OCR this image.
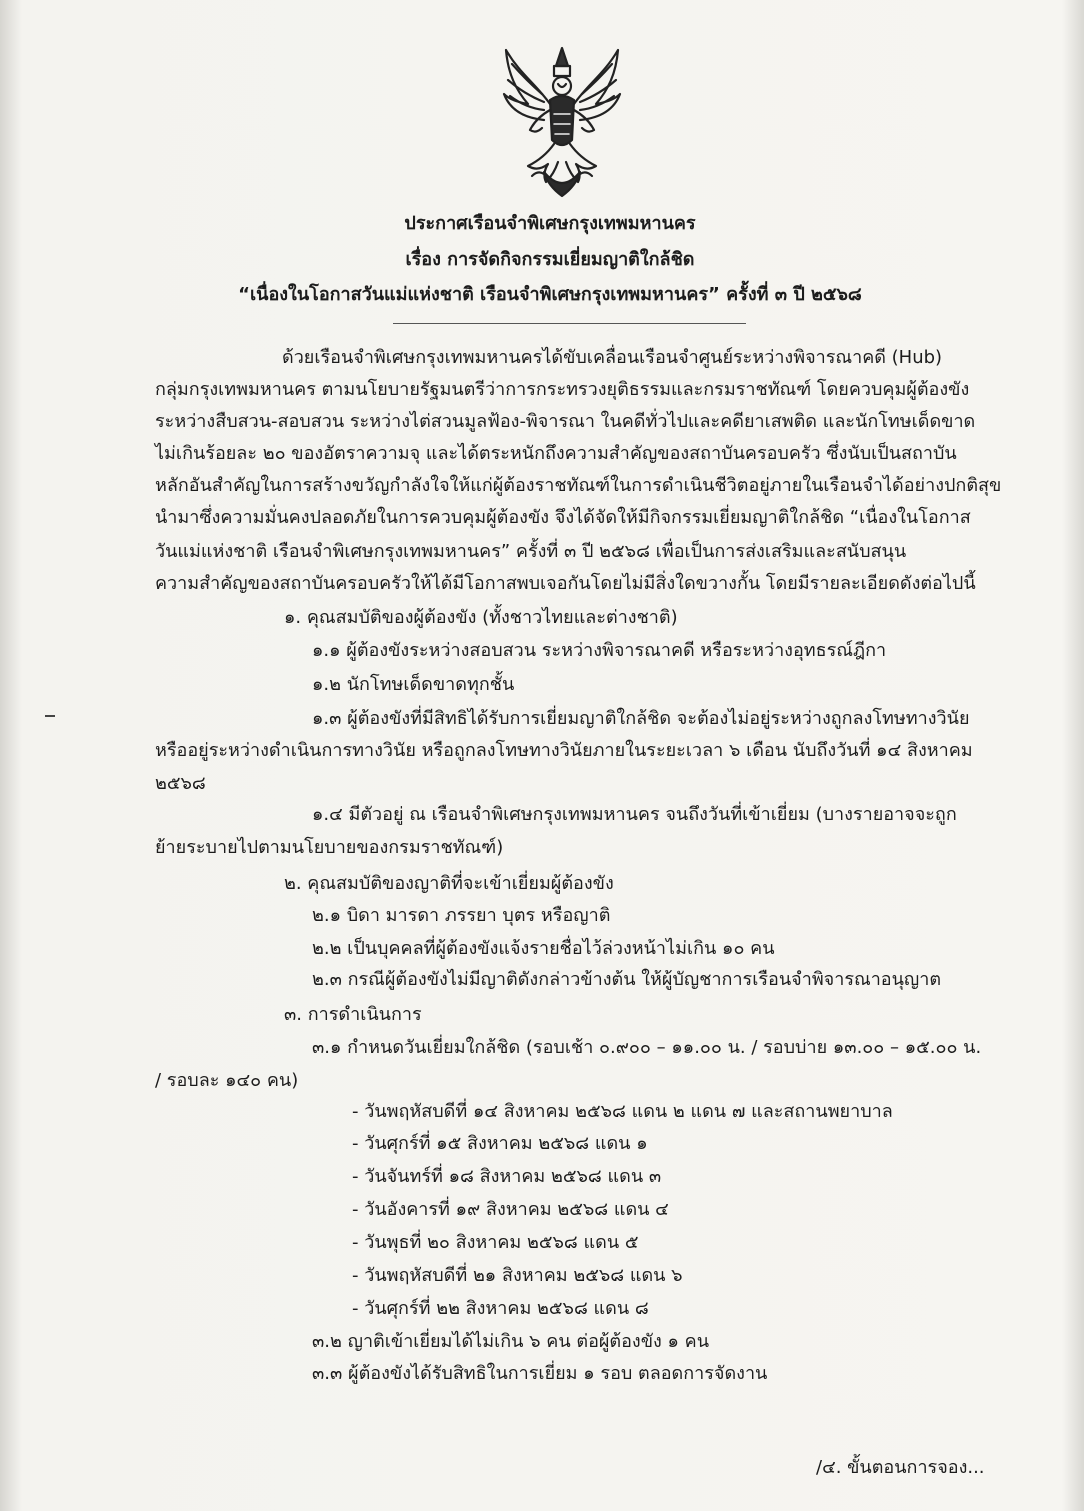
ประกาศเรือนจำพิเศษกรุงเทพมหานคร
เรื่อง การจัดกิจกรรมเยี่ยมญาติใกล้ชิด
“เนื่องในโอกาสวันแม่แห่งชาติ เรือนจำพิเศษกรุงเทพมหานคร” ครั้งที่ ๓ ปี ๒๕๖๘
ด้วยเรือนจำพิเศษกรุงเทพมหานครได้ขับเคลื่อนเรือนจำศูนย์ระหว่างพิจารณาคดี (Hub)
กลุ่มกรุงเทพมหานคร ตามนโยบายรัฐมนตรีว่าการกระทรวงยุติธรรมและกรมราชทัณฑ์ โดยควบคุมผู้ต้องขัง
ระหว่างสืบสวน-สอบสวน ระหว่างไต่สวนมูลฟ้อง-พิจารณา ในคดีทั่วไปและคดียาเสพติด และนักโทษเด็ดขาด
ไม่เกินร้อยละ ๒๐ ของอัตราความจุ และได้ตระหนักถึงความสำคัญของสถาบันครอบครัว ซึ่งนับเป็นสถาบัน
หลักอันสำคัญในการสร้างขวัญกำลังใจให้แก่ผู้ต้องราชทัณฑ์ในการดำเนินชีวิตอยู่ภายในเรือนจำได้อย่างปกติสุข
นำมาซึ่งความมั่นคงปลอดภัยในการควบคุมผู้ต้องขัง จึงได้จัดให้มีกิจกรรมเยี่ยมญาติใกล้ชิด “เนื่องในโอกาส
วันแม่แห่งชาติ เรือนจำพิเศษกรุงเทพมหานคร” ครั้งที่ ๓ ปี ๒๕๖๘ เพื่อเป็นการส่งเสริมและสนับสนุน
ความสำคัญของสถาบันครอบครัวให้ได้มีโอกาสพบเจอกันโดยไม่มีสิ่งใดขวางกั้น โดยมีรายละเอียดดังต่อไปนี้
๑. คุณสมบัติของผู้ต้องขัง (ทั้งชาวไทยและต่างชาติ)
๑.๑ ผู้ต้องขังระหว่างสอบสวน ระหว่างพิจารณาคดี หรือระหว่างอุทธรณ์ฎีกา
๑.๒ นักโทษเด็ดขาดทุกชั้น
๑.๓ ผู้ต้องขังที่มีสิทธิได้รับการเยี่ยมญาติใกล้ชิด จะต้องไม่อยู่ระหว่างถูกลงโทษทางวินัย
หรืออยู่ระหว่างดำเนินการทางวินัย หรือถูกลงโทษทางวินัยภายในระยะเวลา ๖ เดือน นับถึงวันที่ ๑๔ สิงหาคม
๒๕๖๘
๑.๔ มีตัวอยู่ ณ เรือนจำพิเศษกรุงเทพมหานคร จนถึงวันที่เข้าเยี่ยม (บางรายอาจจะถูก
ย้ายระบายไปตามนโยบายของกรมราชทัณฑ์)
๒. คุณสมบัติของญาติที่จะเข้าเยี่ยมผู้ต้องขัง
๒.๑ บิดา มารดา ภรรยา บุตร หรือญาติ
๒.๒ เป็นบุคคลที่ผู้ต้องขังแจ้งรายชื่อไว้ล่วงหน้าไม่เกิน ๑๐ คน
๒.๓ กรณีผู้ต้องขังไม่มีญาติดังกล่าวข้างต้น ให้ผู้บัญชาการเรือนจำพิจารณาอนุญาต
๓. การดำเนินการ
๓.๑ กำหนดวันเยี่ยมใกล้ชิด (รอบเช้า ๐.๙๐๐ – ๑๑.๐๐ น. / รอบบ่าย ๑๓.๐๐ – ๑๕.๐๐ น.
/ รอบละ ๑๔๐ คน)
- วันพฤหัสบดีที่ ๑๔ สิงหาคม ๒๕๖๘ แดน ๒ แดน ๗ และสถานพยาบาล
- วันศุกร์ที่ ๑๕ สิงหาคม ๒๕๖๘ แดน ๑
- วันจันทร์ที่ ๑๘ สิงหาคม ๒๕๖๘ แดน ๓
- วันอังคารที่ ๑๙ สิงหาคม ๒๕๖๘ แดน ๔
- วันพุธที่ ๒๐ สิงหาคม ๒๕๖๘ แดน ๕
- วันพฤหัสบดีที่ ๒๑ สิงหาคม ๒๕๖๘ แดน ๖
- วันศุกร์ที่ ๒๒ สิงหาคม ๒๕๖๘ แดน ๘
๓.๒ ญาติเข้าเยี่ยมได้ไม่เกิน ๖ คน ต่อผู้ต้องขัง ๑ คน
๓.๓ ผู้ต้องขังได้รับสิทธิในการเยี่ยม ๑ รอบ ตลอดการจัดงาน
/๔. ขั้นตอนการจอง...
